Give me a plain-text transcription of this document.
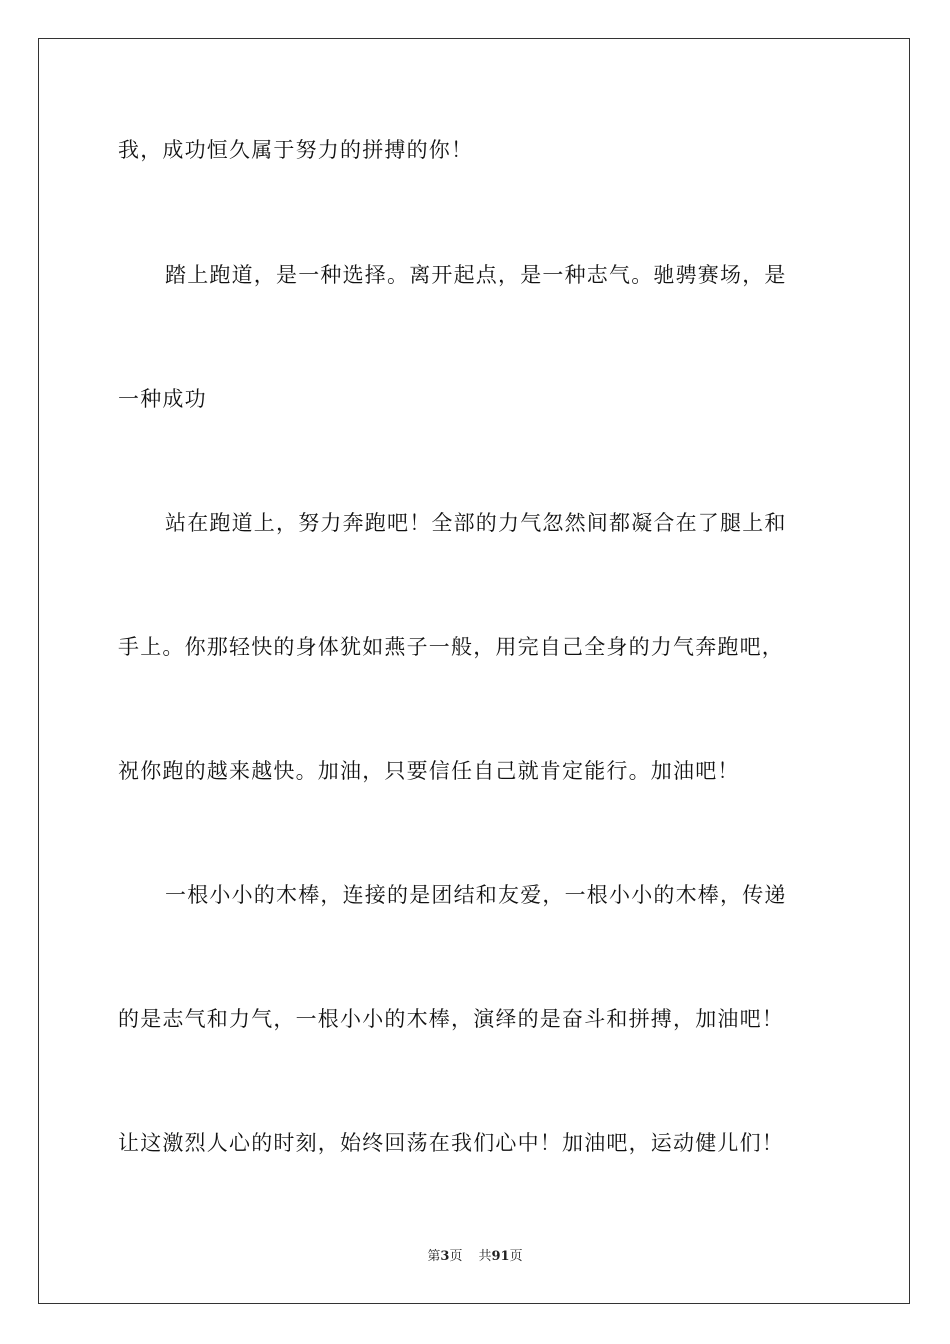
我，成功恒久属于努力的拼搏的你！
踏上跑道，是一种选择。离开起点，是一种志气。驰骋赛场，是
一种成功
站在跑道上，努力奔跑吧！全部的力气忽然间都凝合在了腿上和
手上。你那轻快的身体犹如燕子一般，用完自己全身的力气奔跑吧，
祝你跑的越来越快。加油，只要信任自己就肯定能行。加油吧！
一根小小的木棒，连接的是团结和友爱，一根小小的木棒，传递
的是志气和力气，一根小小的木棒，演绎的是奋斗和拼搏，加油吧！
让这激烈人心的时刻，始终回荡在我们心中！加油吧，运动健儿们！
第3页 共91页
